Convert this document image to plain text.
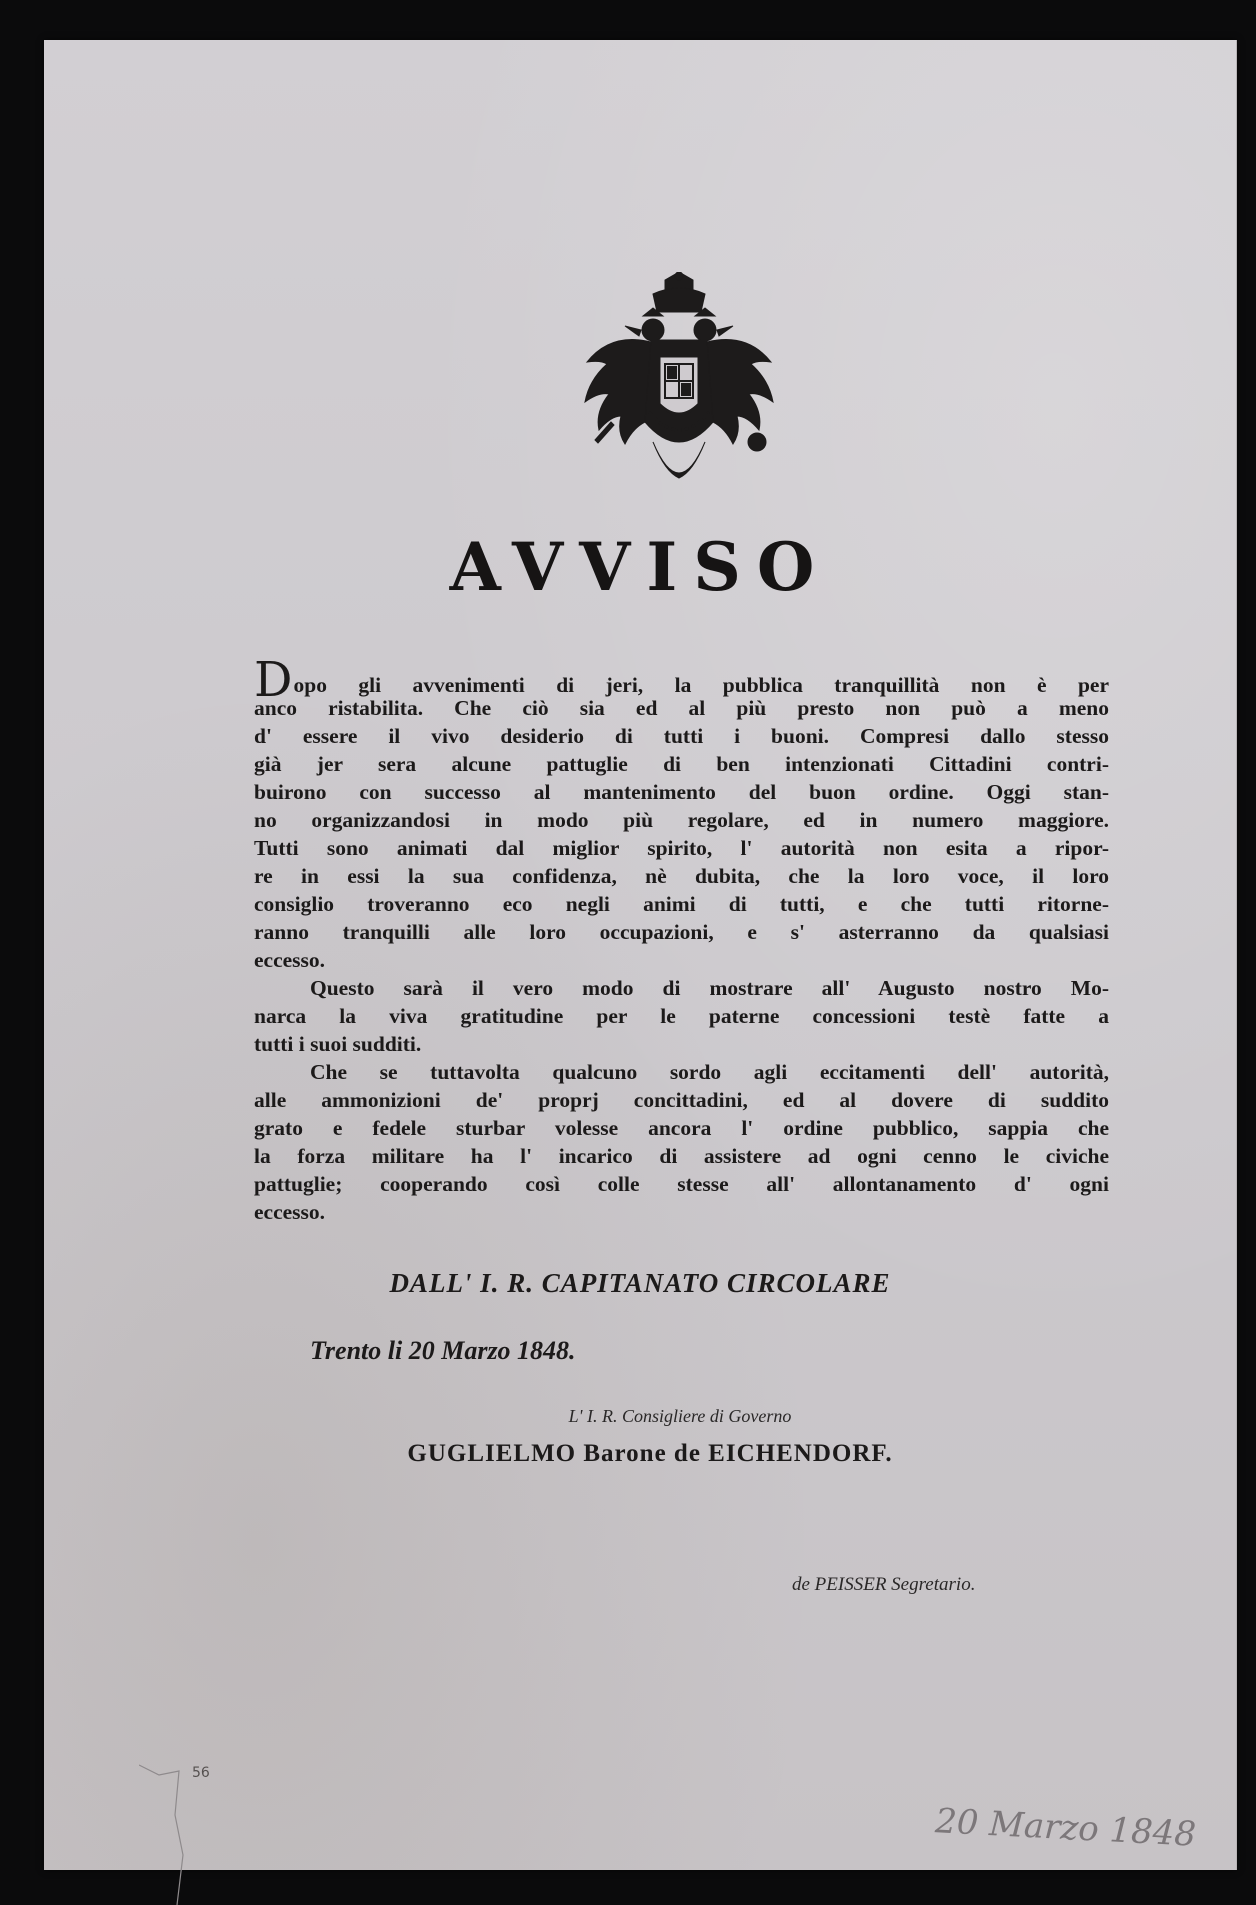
AVVISO
Dopo gli avvenimenti di jeri, la pubblica tranquillità non è per
anco ristabilita. Che ciò sia ed al più presto non può a meno
d' essere il vivo desiderio di tutti i buoni. Compresi dallo stesso
già jer sera alcune pattuglie di ben intenzionati Cittadini contri-
buirono con successo al mantenimento del buon ordine. Oggi stan-
no organizzandosi in modo più regolare, ed in numero maggiore.
Tutti sono animati dal miglior spirito, l' autorità non esita a ripor-
re in essi la sua confidenza, nè dubita, che la loro voce, il loro
consiglio troveranno eco negli animi di tutti, e che tutti ritorne-
ranno tranquilli alle loro occupazioni, e s' asterranno da qualsiasi
eccesso.
Questo sarà il vero modo di mostrare all' Augusto nostro Mo-
narca la viva gratitudine per le paterne concessioni testè fatte a
tutti i suoi sudditi.
Che se tuttavolta qualcuno sordo agli eccitamenti dell' autorità,
alle ammonizioni de' proprj concittadini, ed al dovere di suddito
grato e fedele sturbar volesse ancora l' ordine pubblico, sappia che
la forza militare ha l' incarico di assistere ad ogni cenno le civiche
pattuglie; cooperando così colle stesse all' allontanamento d' ogni
eccesso.
DALL' I. R. CAPITANATO CIRCOLARE
Trento li 20 Marzo 1848.
L' I. R. Consigliere di Governo
GUGLIELMO Barone de EICHENDORF.
de PEISSER Segretario.
56
20 Marzo 1848
